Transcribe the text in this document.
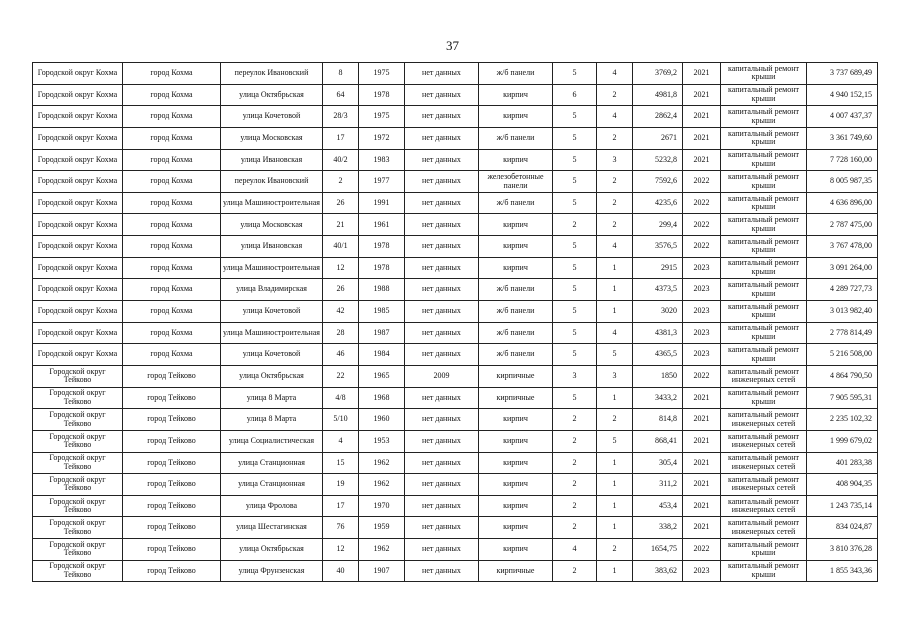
37
Городской округ Кохма	город Кохма	переулок Ивановский	8	1975	нет данных	ж/б панели	5	4	3769,2	2021	капитальный ремонт крыши	3 737 689,49
Городской округ Кохма	город Кохма	улица Октябрьская	64	1978	нет данных	кирпич	6	2	4981,8	2021	капитальный ремонт крыши	4 940 152,15
Городской округ Кохма	город Кохма	улица Кочетовой	28/3	1975	нет данных	кирпич	5	4	2862,4	2021	капитальный ремонт крыши	4 007 437,37
Городской округ Кохма	город Кохма	улица Московская	17	1972	нет данных	ж/б панели	5	2	2671	2021	капитальный ремонт крыши	3 361 749,60
Городской округ Кохма	город Кохма	улица Ивановская	40/2	1983	нет данных	кирпич	5	3	5232,8	2021	капитальный ремонт крыши	7 728 160,00
Городской округ Кохма	город Кохма	переулок Ивановский	2	1977	нет данных	железобетонные панели	5	2	7592,6	2022	капитальный ремонт крыши	8 005 987,35
Городской округ Кохма	город Кохма	улица Машиностроительная	26	1991	нет данных	ж/б панели	5	2	4235,6	2022	капитальный ремонт крыши	4 636 896,00
Городской округ Кохма	город Кохма	улица Московская	21	1961	нет данных	кирпич	2	2	299,4	2022	капитальный ремонт крыши	2 787 475,00
Городской округ Кохма	город Кохма	улица Ивановская	40/1	1978	нет данных	кирпич	5	4	3576,5	2022	капитальный ремонт крыши	3 767 478,00
Городской округ Кохма	город Кохма	улица Машиностроительная	12	1978	нет данных	кирпич	5	1	2915	2023	капитальный ремонт крыши	3 091 264,00
Городской округ Кохма	город Кохма	улица Владимирская	26	1988	нет данных	ж/б панели	5	1	4373,5	2023	капитальный ремонт крыши	4 289 727,73
Городской округ Кохма	город Кохма	улица Кочетовой	42	1985	нет данных	ж/б панели	5	1	3020	2023	капитальный ремонт крыши	3 013 982,40
Городской округ Кохма	город Кохма	улица Машиностроительная	28	1987	нет данных	ж/б панели	5	4	4381,3	2023	капитальный ремонт крыши	2 778 814,49
Городской округ Кохма	город Кохма	улица Кочетовой	46	1984	нет данных	ж/б панели	5	5	4365,5	2023	капитальный ремонт крыши	5 216 508,00
Городской округ Тейково	город Тейково	улица Октябрьская	22	1965	2009	кирпичные	3	3	1850	2022	капитальный ремонт инженерных сетей	4 864 790,50
Городской округ Тейково	город Тейково	улица 8 Марта	4/8	1968	нет данных	кирпичные	5	1	3433,2	2021	капитальный ремонт крыши	7 905 595,31
Городской округ Тейково	город Тейково	улица 8 Марта	5/10	1960	нет данных	кирпич	2	2	814,8	2021	капитальный ремонт инженерных сетей	2 235 102,32
Городской округ Тейково	город Тейково	улица Социалистическая	4	1953	нет данных	кирпич	2	5	868,41	2021	капитальный ремонт инженерных сетей	1 999 679,02
Городской округ Тейково	город Тейково	улица Станционная	15	1962	нет данных	кирпич	2	1	305,4	2021	капитальный ремонт инженерных сетей	401 283,38
Городской округ Тейково	город Тейково	улица Станционная	19	1962	нет данных	кирпич	2	1	311,2	2021	капитальный ремонт инженерных сетей	408 904,35
Городской округ Тейково	город Тейково	улица Фролова	17	1970	нет данных	кирпич	2	1	453,4	2021	капитальный ремонт инженерных сетей	1 243 735,14
Городской округ Тейково	город Тейково	улица Шестагинская	76	1959	нет данных	кирпич	2	1	338,2	2021	капитальный ремонт инженерных сетей	834 024,87
Городской округ Тейково	город Тейково	улица Октябрьская	12	1962	нет данных	кирпич	4	2	1654,75	2022	капитальный ремонт крыши	3 810 376,28
Городской округ Тейково	город Тейково	улица Фрунзенская	40	1907	нет данных	кирпичные	2	1	383,62	2023	капитальный ремонт крыши	1 855 343,36
